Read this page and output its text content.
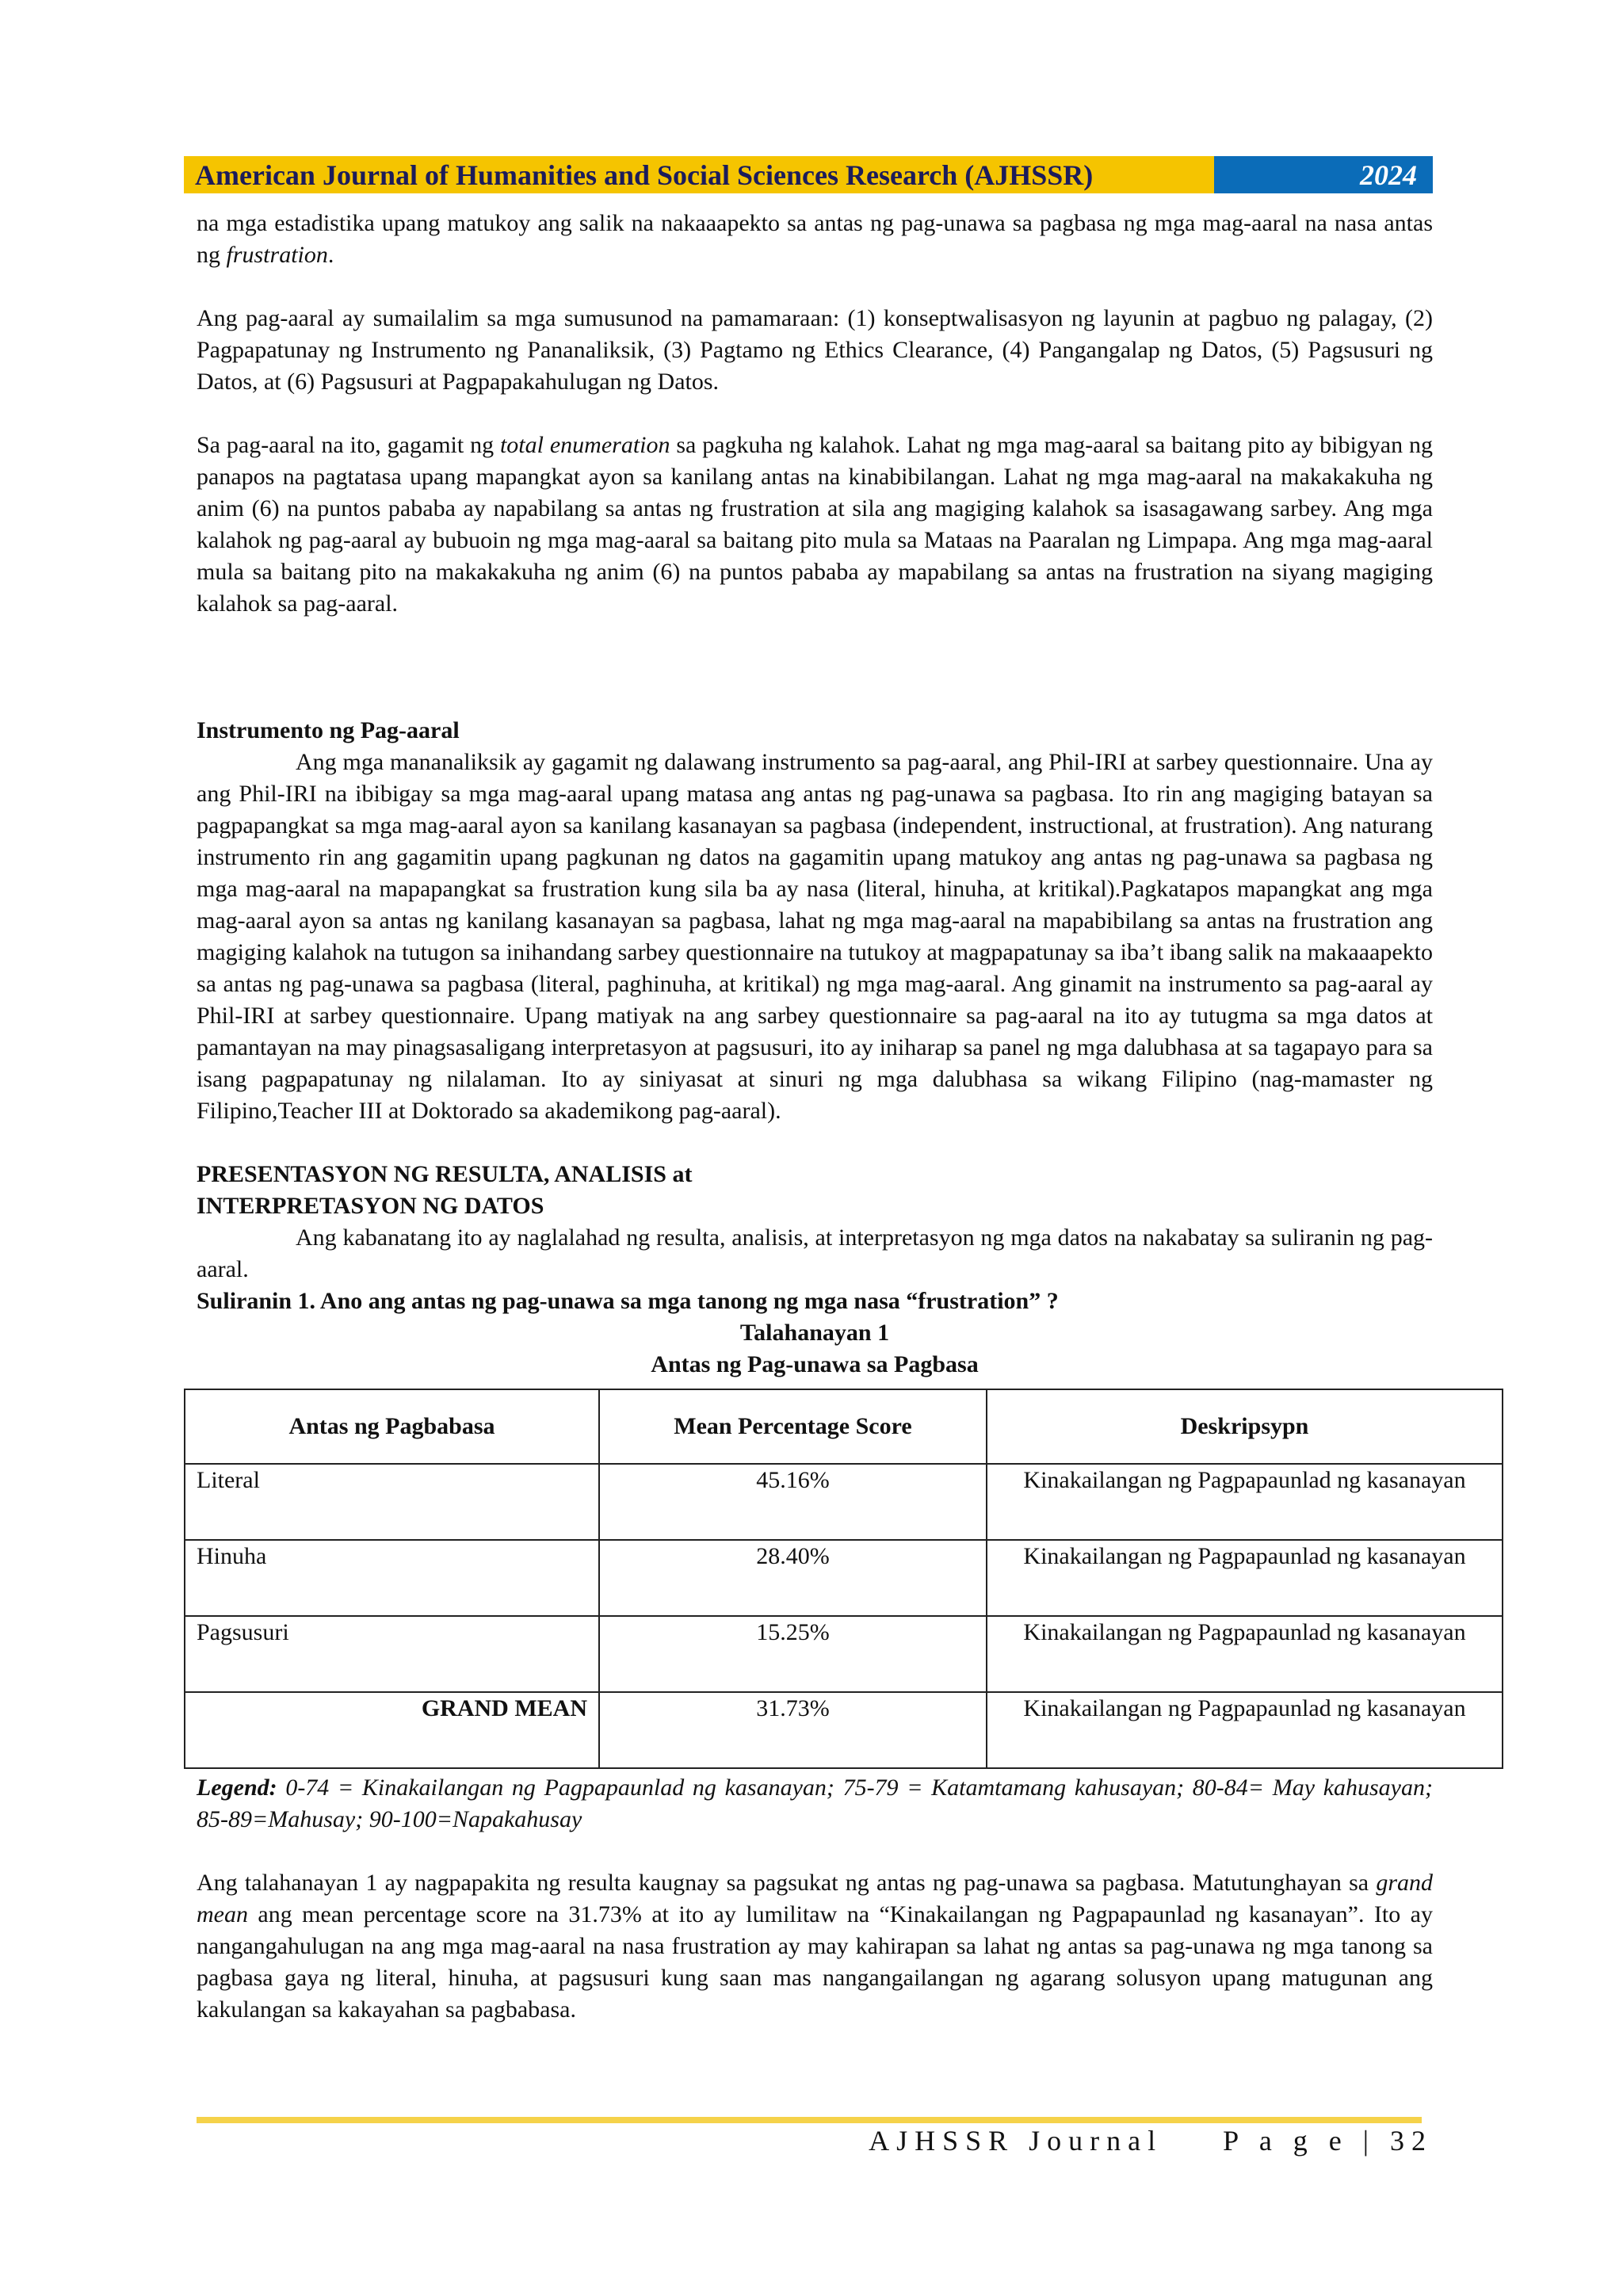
American Journal of Humanities and Social Sciences Research (AJHSSR)	2024

na mga estadistika upang matukoy ang salik na nakaaapekto sa antas ng pag-unawa sa pagbasa ng mga mag-aaral na nasa antas ng frustration.

Ang pag-aaral ay sumailalim sa mga sumusunod na pamamaraan: (1) konseptwalisasyon ng layunin at pagbuo ng palagay, (2) Pagpapatunay ng Instrumento ng Pananaliksik, (3) Pagtamo ng Ethics Clearance, (4) Pangangalap ng Datos, (5) Pagsusuri ng Datos, at (6) Pagsusuri at Pagpapakahulugan ng Datos.

Sa pag-aaral na ito, gagamit ng total enumeration sa pagkuha ng kalahok. Lahat ng mga mag-aaral sa baitang pito ay bibigyan ng panapos na pagtatasa upang mapangkat ayon sa kanilang antas na kinabibilangan. Lahat ng mga mag-aaral na makakakuha ng anim (6) na puntos pababa ay napabilang sa antas ng frustration at sila ang magiging kalahok sa isasagawang sarbey. Ang mga kalahok ng pag-aaral ay bubuoin ng mga mag-aaral sa baitang pito mula sa Mataas na Paaralan ng Limpapa. Ang mga mag-aaral mula sa baitang pito na makakakuha ng anim (6) na puntos pababa ay mapabilang sa antas na frustration na siyang magiging kalahok sa pag-aaral.

Instrumento ng Pag-aaral

Ang mga mananaliksik ay gagamit ng dalawang instrumento sa pag-aaral, ang Phil-IRI at sarbey questionnaire. Una ay ang Phil-IRI na ibibigay sa mga mag-aaral upang matasa ang antas ng pag-unawa sa pagbasa. Ito rin ang magiging batayan sa pagpapangkat sa mga mag-aaral ayon sa kanilang kasanayan sa pagbasa (independent, instructional, at frustration). Ang naturang instrumento rin ang gagamitin upang pagkunan ng datos na gagamitin upang matukoy ang antas ng pag-unawa sa pagbasa ng mga mag-aaral na mapapangkat sa frustration kung sila ba ay nasa (literal, hinuha, at kritikal).Pagkatapos mapangkat ang mga mag-aaral ayon sa antas ng kanilang kasanayan sa pagbasa, lahat ng mga mag-aaral na mapabibilang sa antas na frustration ang magiging kalahok na tutugon sa inihandang sarbey questionnaire na tutukoy at magpapatunay sa iba’t ibang salik na makaaapekto sa antas ng pag-unawa sa pagbasa (literal, paghinuha, at kritikal) ng mga mag-aaral. Ang ginamit na instrumento sa pag-aaral ay Phil-IRI at sarbey questionnaire. Upang matiyak na ang sarbey questionnaire sa pag-aaral na ito ay tutugma sa mga datos at pamantayan na may pinagsasaligang interpretasyon at pagsusuri, ito ay iniharap sa panel ng mga dalubhasa at sa tagapayo para sa isang pagpapatunay ng nilalaman. Ito ay siniyasat at sinuri ng mga dalubhasa sa wikang Filipino (nag-mamaster ng Filipino,Teacher III at Doktorado sa akademikong pag-aaral).

PRESENTASYON NG RESULTA, ANALISIS at

INTERPRETASYON NG DATOS

Ang kabanatang ito ay naglalahad ng resulta, analisis, at interpretasyon ng mga datos na nakabatay sa suliranin ng pag-aaral.

Suliranin 1. Ano ang antas ng pag-unawa sa mga tanong ng mga nasa “frustration” ?

Talahanayan 1

Antas ng Pag-unawa sa Pagbasa

Antas ng Pagbabasa	Mean Percentage Score	Deskripsypn
Literal	45.16%	Kinakailangan ng Pagpapaunlad ng kasanayan
Hinuha	28.40%	Kinakailangan ng Pagpapaunlad ng kasanayan
Pagsusuri	15.25%	Kinakailangan ng Pagpapaunlad ng kasanayan
GRAND MEAN	31.73%	Kinakailangan ng Pagpapaunlad ng kasanayan

Legend: 0-74 = Kinakailangan ng Pagpapaunlad ng kasanayan; 75-79 = Katamtamang kahusayan; 80-84= May kahusayan; 85-89=Mahusay; 90-100=Napakahusay

Ang talahanayan 1 ay nagpapakita ng resulta kaugnay sa pagsukat ng antas ng pag-unawa sa pagbasa. Matutunghayan sa grand mean ang mean percentage score na 31.73% at ito ay lumilitaw na “Kinakailangan ng Pagpapaunlad ng kasanayan”. Ito ay nangangahulugan na ang mga mag-aaral na nasa frustration ay may kahirapan sa lahat ng antas sa pag-unawa ng mga tanong sa pagbasa gaya ng literal, hinuha, at pagsusuri kung saan mas nangangailangan ng agarang solusyon upang matugunan ang kakulangan sa kakayahan sa pagbabasa.

AJHSSR Journal P a g e | 32
